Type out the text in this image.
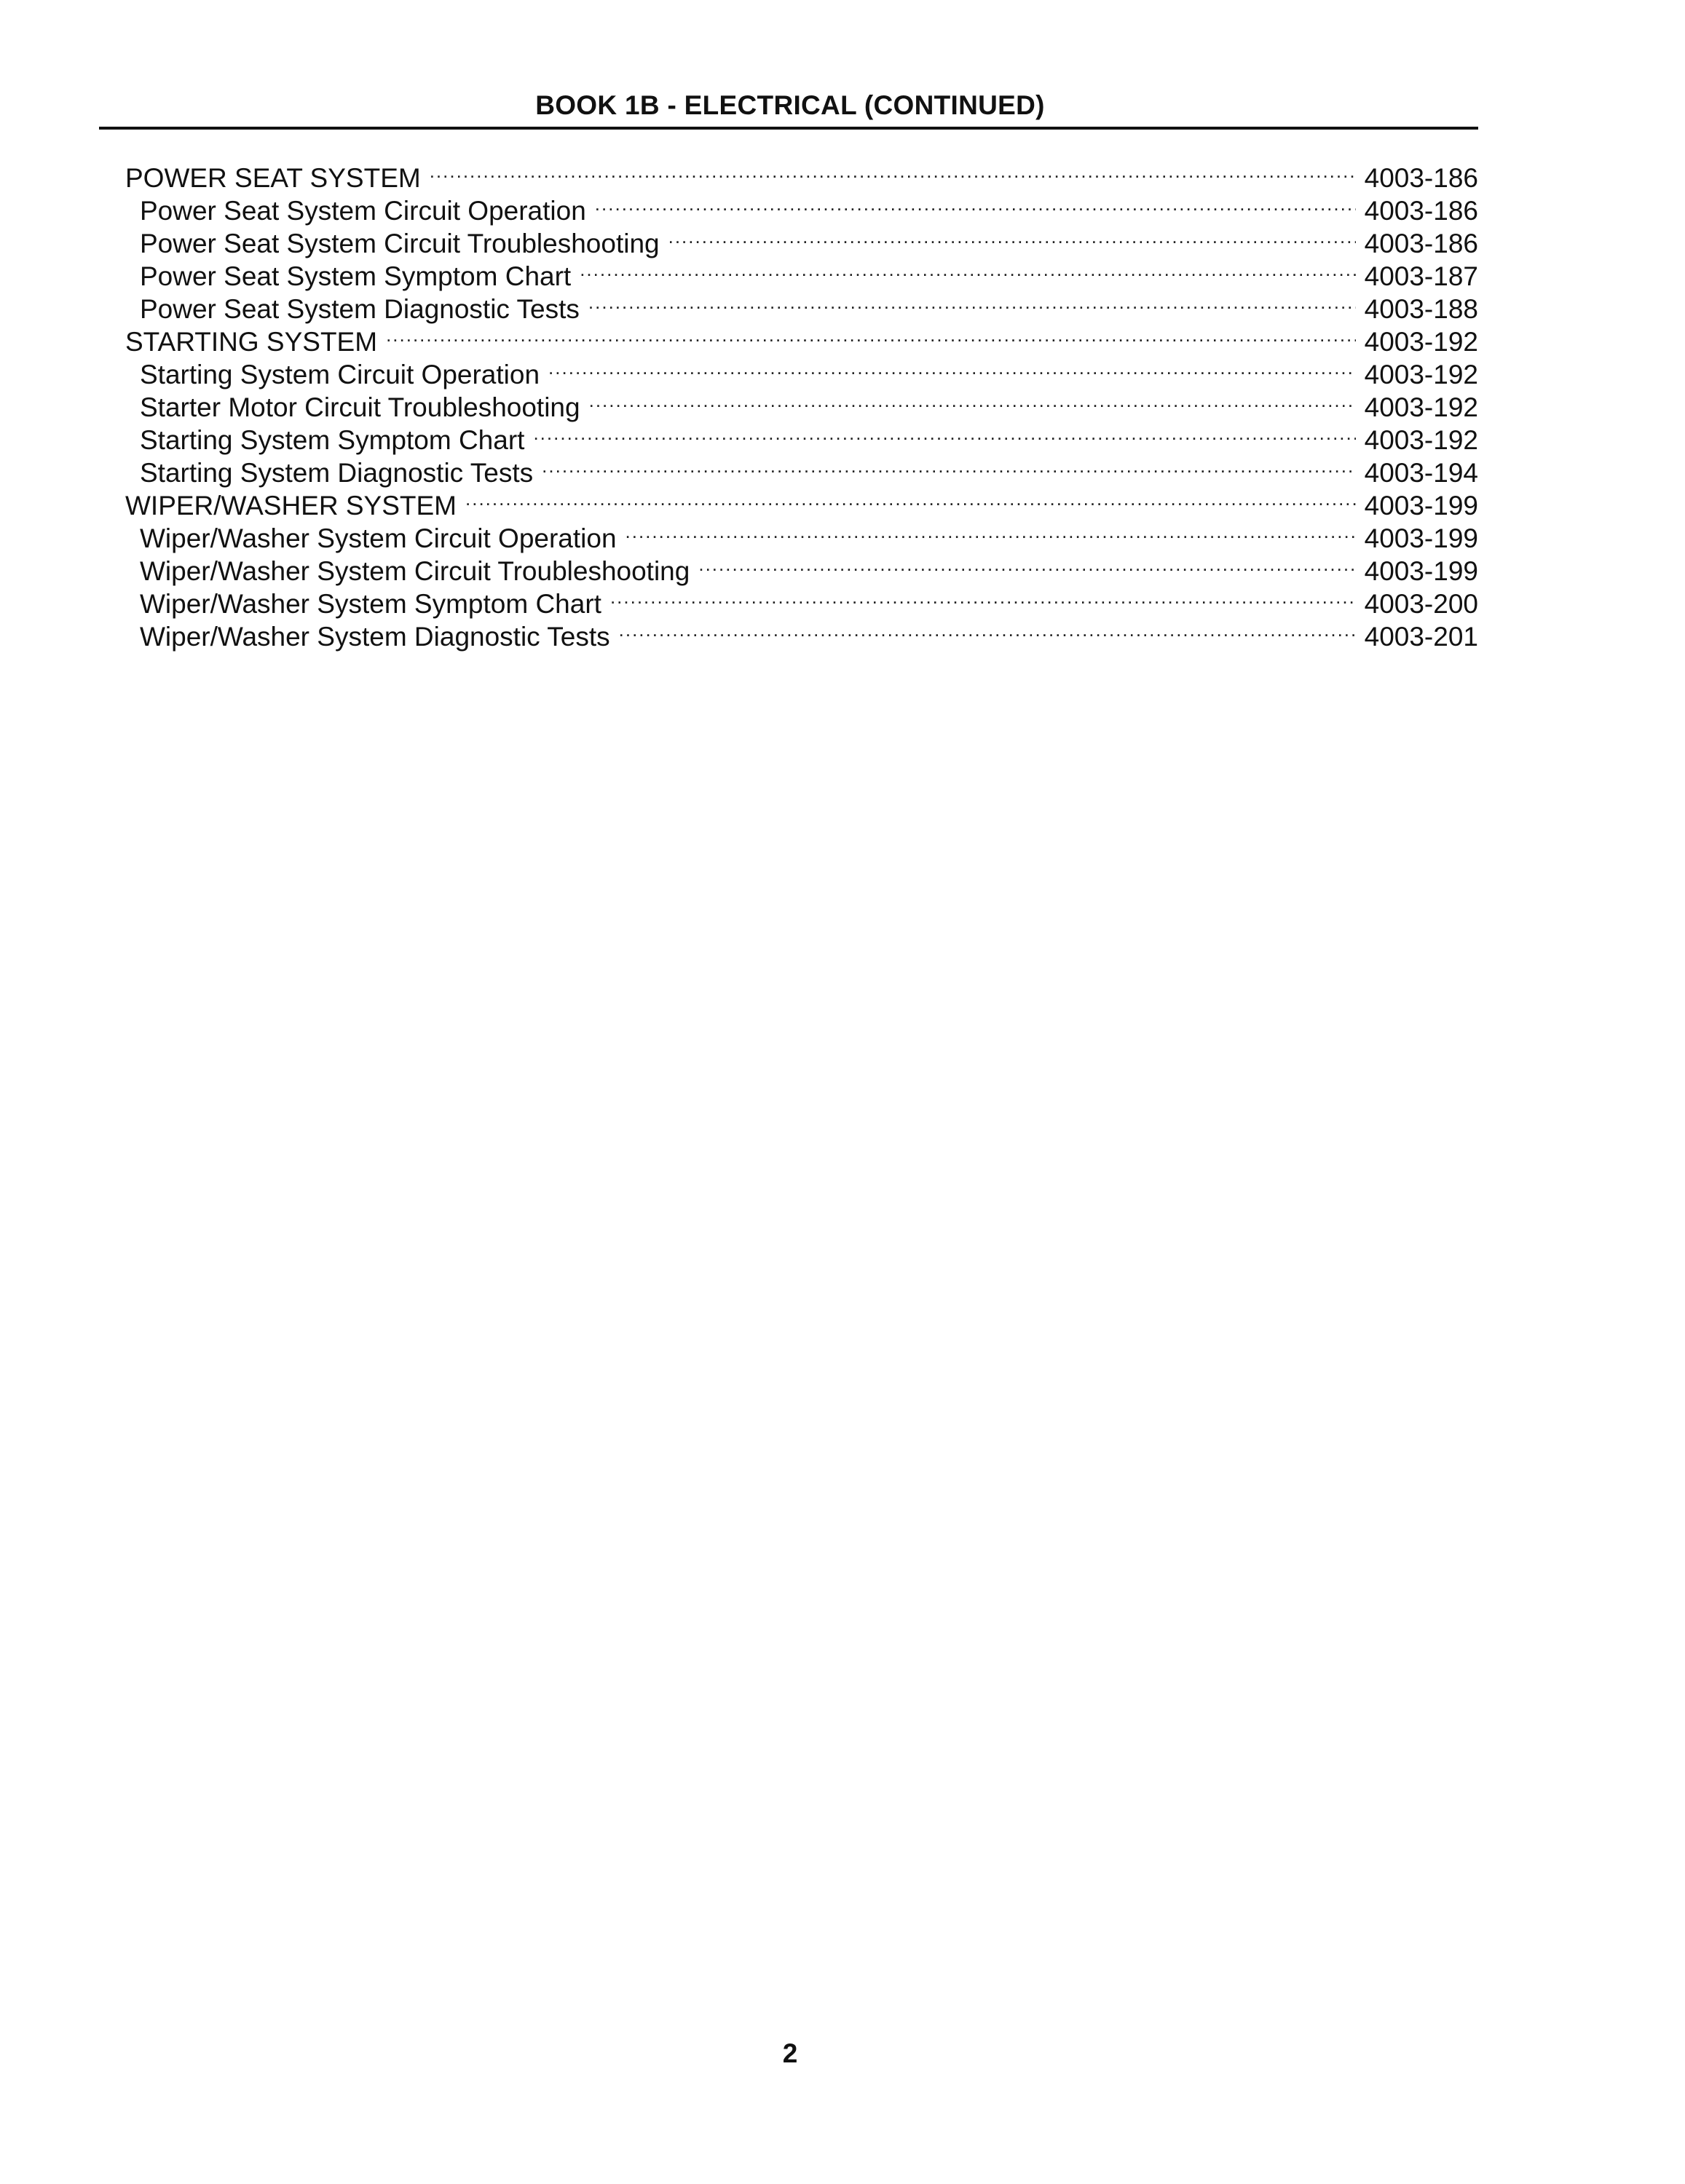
BOOK 1B - ELECTRICAL (CONTINUED)
POWER SEAT SYSTEM .....	4003-186
Power Seat System Circuit Operation .....	4003-186
Power Seat System Circuit Troubleshooting .....	4003-186
Power Seat System Symptom Chart .....	4003-187
Power Seat System Diagnostic Tests .....	4003-188
STARTING SYSTEM .....	4003-192
Starting System Circuit Operation .....	4003-192
Starter Motor Circuit Troubleshooting .....	4003-192
Starting System Symptom Chart .....	4003-192
Starting System Diagnostic Tests .....	4003-194
WIPER/WASHER SYSTEM .....	4003-199
Wiper/Washer System Circuit Operation .....	4003-199
Wiper/Washer System Circuit Troubleshooting .....	4003-199
Wiper/Washer System Symptom Chart .....	4003-200
Wiper/Washer System Diagnostic Tests .....	4003-201
2
